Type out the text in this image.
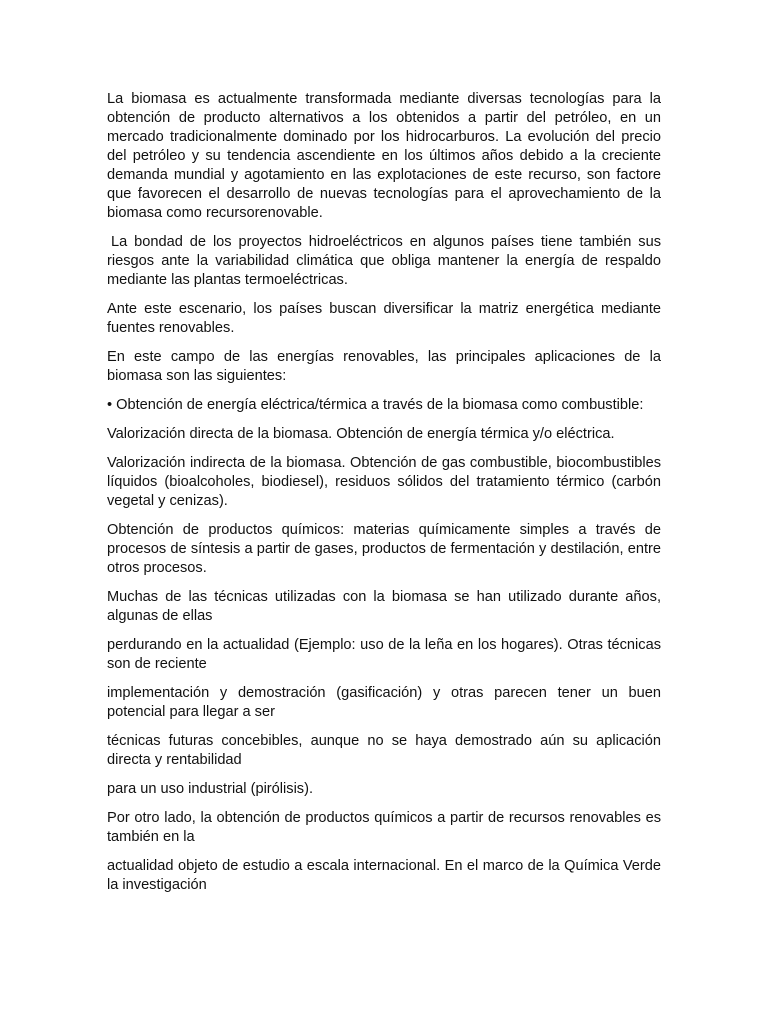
La biomasa es actualmente transformada mediante diversas tecnologías para la obtención de producto alternativos a los obtenidos a partir del petróleo, en un mercado tradicionalmente dominado por los hidrocarburos. La evolución del precio del petróleo y su tendencia ascendiente en los últimos años debido a la creciente demanda mundial y agotamiento en las explotaciones de este recurso, son factore que favorecen el desarrollo de nuevas tecnologías para el aprovechamiento de la biomasa como recursorenovable.

La bondad de los proyectos hidroeléctricos en algunos países tiene también sus riesgos ante la variabilidad climática que obliga mantener la energía de respaldo mediante las plantas termoeléctricas.

Ante este escenario, los países buscan diversificar la matriz energética mediante fuentes renovables.

En este campo de las energías renovables, las principales aplicaciones de la biomasa son las siguientes:

• Obtención de energía eléctrica/térmica a través de la biomasa como combustible:

Valorización directa de la biomasa. Obtención de energía térmica y/o eléctrica.

Valorización indirecta de la biomasa. Obtención de gas combustible, biocombustibles líquidos (bioalcoholes, biodiesel), residuos sólidos del tratamiento térmico (carbón vegetal y cenizas).

Obtención de productos químicos: materias químicamente simples a través de procesos de síntesis a partir de gases, productos de fermentación y destilación, entre otros procesos.

Muchas de las técnicas utilizadas con la biomasa se han utilizado durante años, algunas de ellas

perdurando en la actualidad (Ejemplo: uso de la leña en los hogares). Otras técnicas son de reciente

implementación y demostración (gasificación) y otras parecen tener un buen potencial para llegar a ser

técnicas futuras concebibles, aunque no se haya demostrado aún su aplicación directa y rentabilidad

para un uso industrial (pirólisis).

Por otro lado, la obtención de productos químicos a partir de recursos renovables es también en la

actualidad objeto de estudio a escala internacional. En el marco de la Química Verde la investigación
